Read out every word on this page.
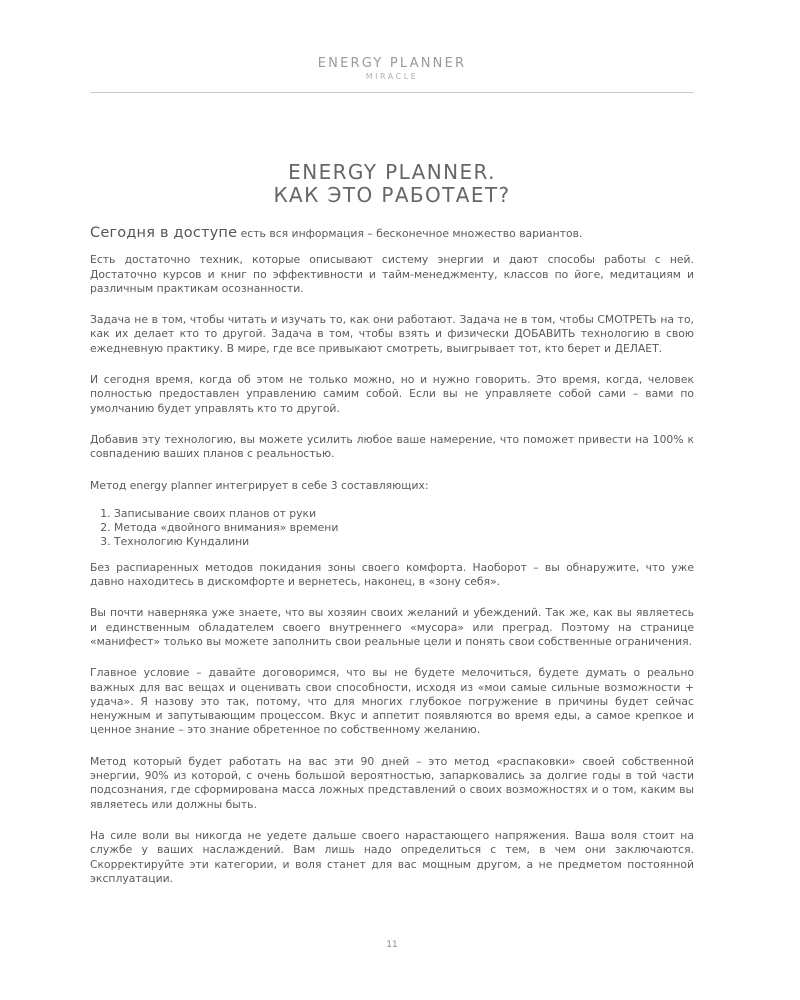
ENERGY PLANNER
MIRACLE
ENERGY PLANNER.
КАК ЭТО РАБОТАЕТ?

Сегодня в доступе есть вся информация – бесконечное множество вариантов.

Есть достаточно техник, которые описывают систему энергии и дают способы работы с ней. Достаточно курсов и книг по эффективности и тайм-менеджменту, классов по йоге, медитациям и различным практикам осознанности.

Задача не в том, чтобы читать и изучать то, как они работают. Задача не в том, чтобы СМОТРЕТЬ на то, как их делает кто то другой. Задача в том, чтобы взять и физически ДОБАВИТЬ технологию в свою ежедневную практику. В мире, где все привыкают смотреть, выигрывает тот, кто берет и ДЕЛАЕТ.

И сегодня время, когда об этом не только можно, но и нужно говорить. Это время, когда, человек полностью предоставлен управлению самим собой. Если вы не управляете собой сами – вами по умолчанию будет управлять кто то другой.

Добавив эту технологию, вы можете усилить любое ваше намерение, что поможет привести на 100% к совпадению ваших планов с реальностью.

Метод energy planner интегрирует в себе 3 составляющих:

1. Записывание своих планов от руки
2. Метода «двойного внимания» времени
3. Технологию Кундалини

Без распиаренных методов покидания зоны своего комфорта. Наоборот – вы обнаружите, что уже давно находитесь в дискомфорте и вернетесь, наконец, в «зону себя».

Вы почти наверняка уже знаете, что вы хозяин своих желаний и убеждений. Так же, как вы являетесь и единственным обладателем своего внутреннего «мусора» или преград. Поэтому на странице «манифест» только вы можете заполнить свои реальные цели и понять свои собственные ограничения.

Главное условие – давайте договоримся, что вы не будете мелочиться, будете думать о реально важных для вас вещах и оценивать свои способности, исходя из «мои самые сильные возможности + удача». Я назову это так, потому, что для многих глубокое погружение в причины будет сейчас ненужным и запутывающим процессом. Вкус и аппетит появляются во время еды, а самое крепкое и ценное знание – это знание обретенное по собственному желанию.

Метод который будет работать на вас эти 90 дней – это метод «распаковки» своей собственной энергии, 90% из которой, с очень большой вероятностью, запарковались за долгие годы в той части подсознания, где сформирована масса ложных представлений о своих возможностях и о том, каким вы являетесь или должны быть.

На силе воли вы никогда не уедете дальше своего нарастающего напряжения. Ваша воля стоит на службе у ваших наслаждений. Вам лишь надо определиться с тем, в чем они заключаются. Скорректируйте эти категории, и воля станет для вас мощным другом, а не предметом постоянной эксплуатации.

11
